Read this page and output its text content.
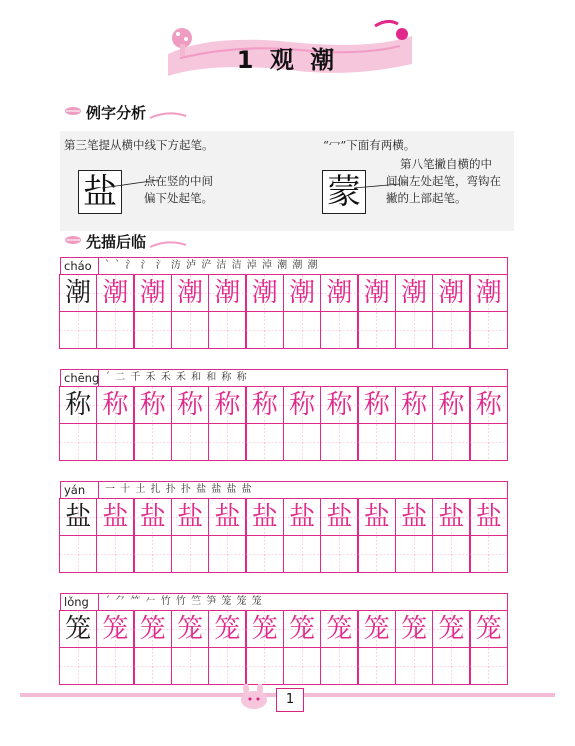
1 观 潮
例字分析
第三笔提从横中线下方起笔。
盐	点在竖的中间
偏下处起笔。
“冖”下面有两横。
蒙
第八笔撇自横的中
间偏左处起笔，弯钩在
撇的上部起笔。
先描后临
cháo	` ` ⺡ 氵 氵 汸 泸 浐 洁 洁 淖 淖 潮 潮 潮
潮 潮 潮 潮 潮 潮 潮 潮 潮 潮 潮 潮
chēng ˊ ⼆ 千 禾 禾 禾 和 和 称 称
称 称 称 称 称 称 称 称 称 称 称 称
yán	一 十 土 扎 扑 扑 盐 盐 盐 盐
盐 盐 盐 盐 盐 盐 盐 盐 盐 盐 盐 盐
lǒng	ˊ ⺈ ⺮ 𠂉 竹 竹 竺 笋 笼 笼 笼
笼 笼 笼 笼 笼 笼 笼 笼 笼 笼 笼 笼
1
